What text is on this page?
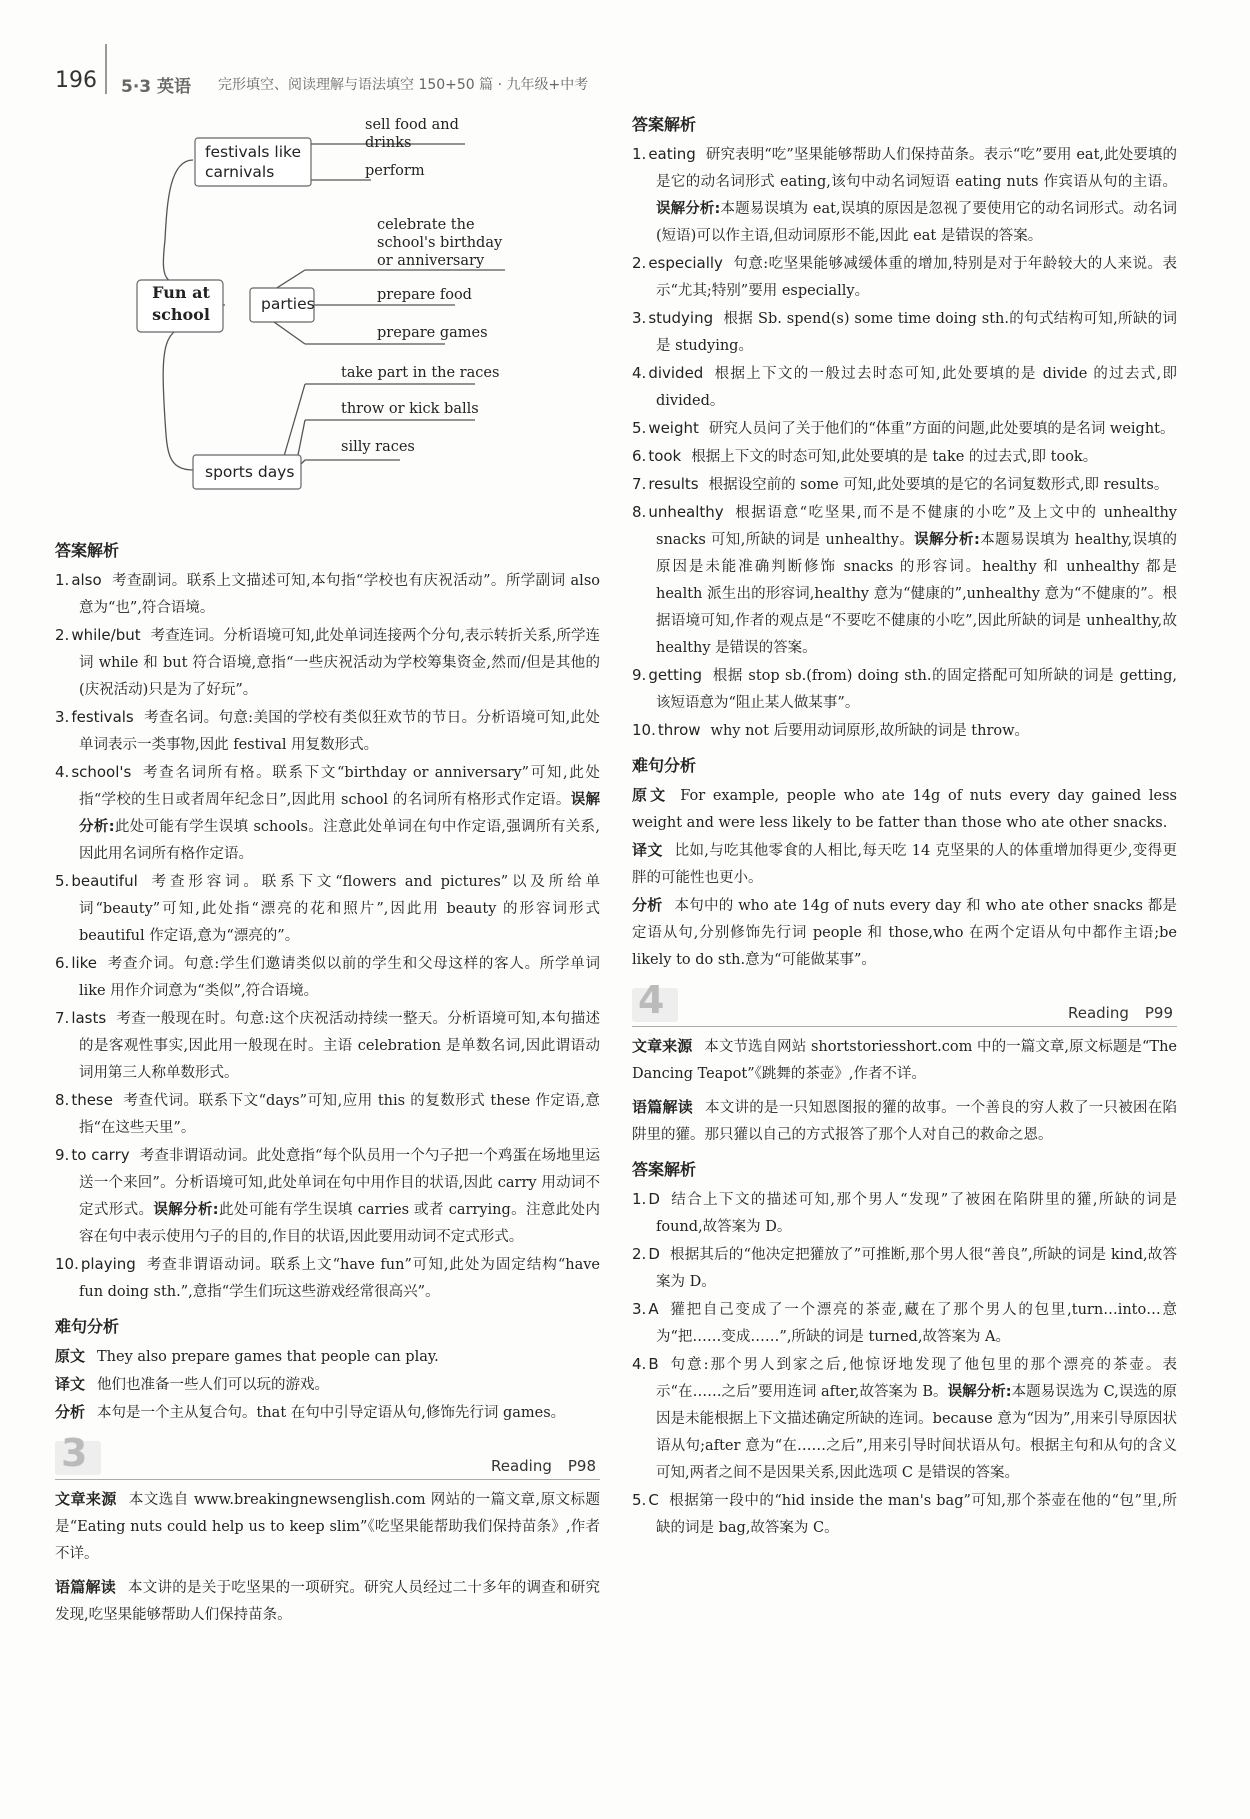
196 5·3 英语 完形填空、阅读理解与语法填空 150+50 篇 · 九年级+中考
Fun at school
festivals like carnivals
sell food and drinks
perform
parties
celebrate the school's birthday or anniversary
prepare food
prepare games
sports days
take part in the races
throw or kick balls
silly races
答案解析

1. also 考查副词。联系上文描述可知,本句指“学校也有庆祝活动”。所学副词 also 意为“也”,符合语境。

2. while/but 考查连词。分析语境可知,此处单词连接两个分句,表示转折关系,所学连词 while 和 but 符合语境,意指“一些庆祝活动为学校筹集资金,然而/但是其他的(庆祝活动)只是为了好玩”。

3. festivals 考查名词。句意:美国的学校有类似狂欢节的节日。分析语境可知,此处单词表示一类事物,因此 festival 用复数形式。

4. school's 考查名词所有格。联系下文“birthday or anniversary”可知,此处指“学校的生日或者周年纪念日”,因此用 school 的名词所有格形式作定语。误解分析:此处可能有学生误填 schools。注意此处单词在句中作定语,强调所有关系,因此用名词所有格作定语。

5. beautiful 考查形容词。联系下文“flowers and pictures”以及所给单词“beauty”可知,此处指“漂亮的花和照片”,因此用 beauty 的形容词形式 beautiful 作定语,意为“漂亮的”。

6. like 考查介词。句意:学生们邀请类似以前的学生和父母这样的客人。所学单词 like 用作介词意为“类似”,符合语境。

7. lasts 考查一般现在时。句意:这个庆祝活动持续一整天。分析语境可知,本句描述的是客观性事实,因此用一般现在时。主语 celebration 是单数名词,因此谓语动词用第三人称单数形式。

8. these 考查代词。联系下文“days”可知,应用 this 的复数形式 these 作定语,意指“在这些天里”。

9. to carry 考查非谓语动词。此处意指“每个队员用一个勺子把一个鸡蛋在场地里运送一个来回”。分析语境可知,此处单词在句中用作目的状语,因此 carry 用动词不定式形式。误解分析:此处可能有学生误填 carries 或者 carrying。注意此处内容在句中表示使用勺子的目的,作目的状语,因此要用动词不定式形式。

10. playing 考查非谓语动词。联系上文“have fun”可知,此处为固定结构“have fun doing sth.”,意指“学生们玩这些游戏经常很高兴”。

难句分析

原文 They also prepare games that people can play.

译文 他们也准备一些人们可以玩的游戏。

分析 本句是一个主从复合句。that 在句中引导定语从句,修饰先行词 games。

3	Reading P98

文章来源 本文选自 www.breakingnewsenglish.com 网站的一篇文章,原文标题是“Eating nuts could help us to keep slim”《吃坚果能帮助我们保持苗条》,作者不详。

语篇解读 本文讲的是关于吃坚果的一项研究。研究人员经过二十多年的调查和研究发现,吃坚果能够帮助人们保持苗条。

答案解析

1. eating 研究表明“吃”坚果能够帮助人们保持苗条。表示“吃”要用 eat,此处要填的是它的动名词形式 eating,该句中动名词短语 eating nuts 作宾语从句的主语。误解分析:本题易误填为 eat,误填的原因是忽视了要使用它的动名词形式。动名词(短语)可以作主语,但动词原形不能,因此 eat 是错误的答案。

2. especially 句意:吃坚果能够减缓体重的增加,特别是对于年龄较大的人来说。表示“尤其;特别”要用 especially。

3. studying 根据 Sb. spend(s) some time doing sth.的句式结构可知,所缺的词是 studying。

4. divided 根据上下文的一般过去时态可知,此处要填的是 divide 的过去式,即 divided。

5. weight 研究人员问了关于他们的“体重”方面的问题,此处要填的是名词 weight。

6. took 根据上下文的时态可知,此处要填的是 take 的过去式,即 took。

7. results 根据设空前的 some 可知,此处要填的是它的名词复数形式,即 results。

8. unhealthy 根据语意“吃坚果,而不是不健康的小吃”及上文中的 unhealthy snacks 可知,所缺的词是 unhealthy。误解分析:本题易误填为 healthy,误填的原因是未能准确判断修饰 snacks 的形容词。healthy 和 unhealthy 都是 health 派生出的形容词,healthy 意为“健康的”,unhealthy 意为“不健康的”。根据语境可知,作者的观点是“不要吃不健康的小吃”,因此所缺的词是 unhealthy,故 healthy 是错误的答案。

9. getting 根据 stop sb.(from) doing sth.的固定搭配可知所缺的词是 getting,该短语意为“阻止某人做某事”。

10. throw why not 后要用动词原形,故所缺的词是 throw。

难句分析

原文 For example, people who ate 14g of nuts every day gained less weight and were less likely to be fatter than those who ate other snacks.

译文 比如,与吃其他零食的人相比,每天吃 14 克坚果的人的体重增加得更少,变得更胖的可能性也更小。

分析 本句中的 who ate 14g of nuts every day 和 who ate other snacks 都是定语从句,分别修饰先行词 people 和 those,who 在两个定语从句中都作主语;be likely to do sth.意为“可能做某事”。

4	Reading P99

文章来源 本文节选自网站 shortstoriesshort.com 中的一篇文章,原文标题是“The Dancing Teapot”《跳舞的茶壶》,作者不详。

语篇解读 本文讲的是一只知恩图报的獾的故事。一个善良的穷人救了一只被困在陷阱里的獾。那只獾以自己的方式报答了那个人对自己的救命之恩。

答案解析

1. D 结合上下文的描述可知,那个男人“发现”了被困在陷阱里的獾,所缺的词是 found,故答案为 D。

2. D 根据其后的“他决定把獾放了”可推断,那个男人很“善良”,所缺的词是 kind,故答案为 D。

3. A 獾把自己变成了一个漂亮的茶壶,藏在了那个男人的包里,turn…into…意为“把……变成……”,所缺的词是 turned,故答案为 A。

4. B 句意:那个男人到家之后,他惊讶地发现了他包里的那个漂亮的茶壶。表示“在……之后”要用连词 after,故答案为 B。误解分析:本题易误选为 C,误选的原因是未能根据上下文描述确定所缺的连词。because 意为“因为”,用来引导原因状语从句;after 意为“在……之后”,用来引导时间状语从句。根据主句和从句的含义可知,两者之间不是因果关系,因此选项 C 是错误的答案。

5. C 根据第一段中的“hid inside the man's bag”可知,那个茶壶在他的“包”里,所缺的词是 bag,故答案为 C。
